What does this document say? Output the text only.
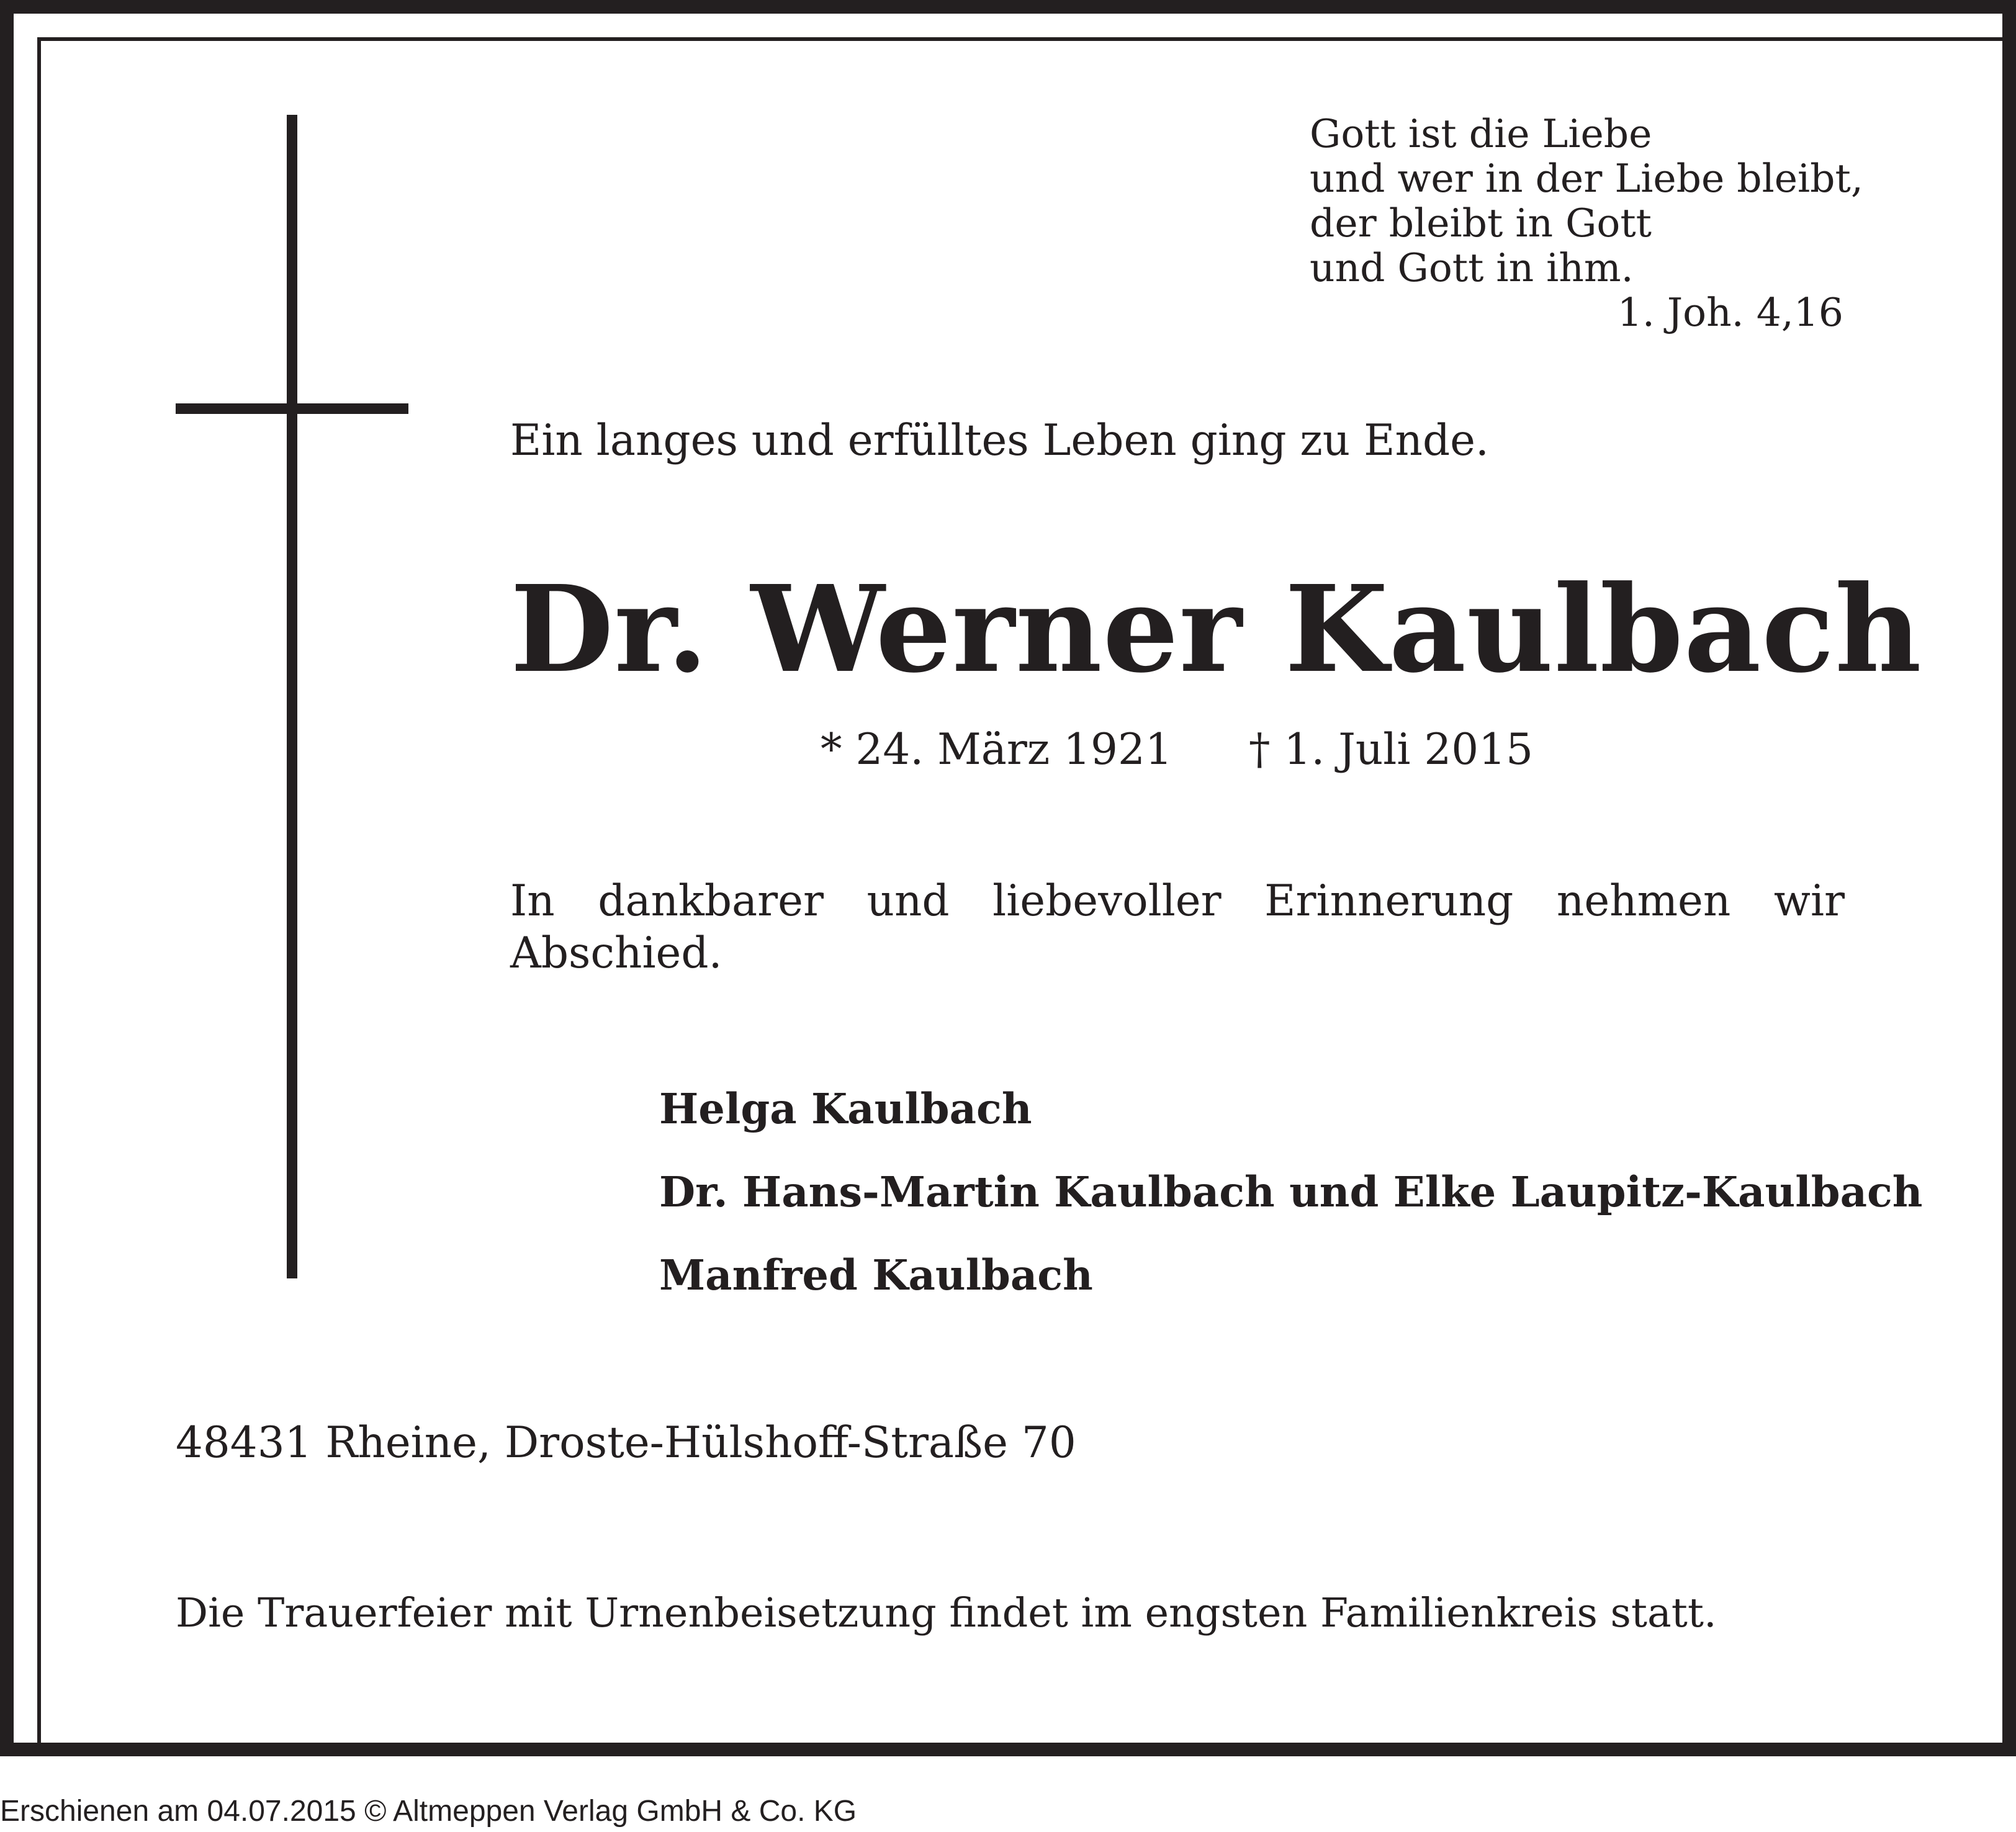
Gott ist die Liebe
und wer in der Liebe bleibt,
der bleibt in Gott
und Gott in ihm.
1. Joh. 4,16
Ein langes und erfülltes Leben ging zu Ende.
Dr. Werner Kaulbach
* 24. März 1921 † 1. Juli 2015
In dankbarer und liebevoller Erinnerung nehmen wir Abschied.
Helga Kaulbach
Dr. Hans-Martin Kaulbach und Elke Laupitz-Kaulbach
Manfred Kaulbach
48431 Rheine, Droste-Hülshoff-Straße 70
Die Trauerfeier mit Urnenbeisetzung findet im engsten Familienkreis statt.
Erschienen am 04.07.2015 © Altmeppen Verlag GmbH & Co. KG
